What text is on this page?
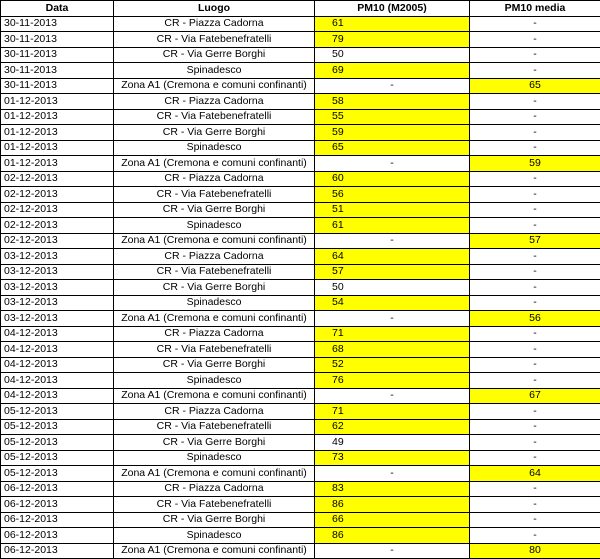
Data	Luogo	PM10 (M2005)	PM10 media
30-11-2013	CR - Piazza Cadorna	61	-
30-11-2013	CR - Via Fatebenefratelli	79	-
30-11-2013	CR - Via Gerre Borghi	50	-
30-11-2013	Spinadesco	69	-
30-11-2013	Zona A1 (Cremona e comuni confinanti)	-	65
01-12-2013	CR - Piazza Cadorna	58	-
01-12-2013	CR - Via Fatebenefratelli	55	-
01-12-2013	CR - Via Gerre Borghi	59	-
01-12-2013	Spinadesco	65	-
01-12-2013	Zona A1 (Cremona e comuni confinanti)	-	59
02-12-2013	CR - Piazza Cadorna	60	-
02-12-2013	CR - Via Fatebenefratelli	56	-
02-12-2013	CR - Via Gerre Borghi	51	-
02-12-2013	Spinadesco	61	-
02-12-2013	Zona A1 (Cremona e comuni confinanti)	-	57
03-12-2013	CR - Piazza Cadorna	64	-
03-12-2013	CR - Via Fatebenefratelli	57	-
03-12-2013	CR - Via Gerre Borghi	50	-
03-12-2013	Spinadesco	54	-
03-12-2013	Zona A1 (Cremona e comuni confinanti)	-	56
04-12-2013	CR - Piazza Cadorna	71	-
04-12-2013	CR - Via Fatebenefratelli	68	-
04-12-2013	CR - Via Gerre Borghi	52	-
04-12-2013	Spinadesco	76	-
04-12-2013	Zona A1 (Cremona e comuni confinanti)	-	67
05-12-2013	CR - Piazza Cadorna	71	-
05-12-2013	CR - Via Fatebenefratelli	62	-
05-12-2013	CR - Via Gerre Borghi	49	-
05-12-2013	Spinadesco	73	-
05-12-2013	Zona A1 (Cremona e comuni confinanti)	-	64
06-12-2013	CR - Piazza Cadorna	83	-
06-12-2013	CR - Via Fatebenefratelli	86	-
06-12-2013	CR - Via Gerre Borghi	66	-
06-12-2013	Spinadesco	86	-
06-12-2013	Zona A1 (Cremona e comuni confinanti)	-	80
